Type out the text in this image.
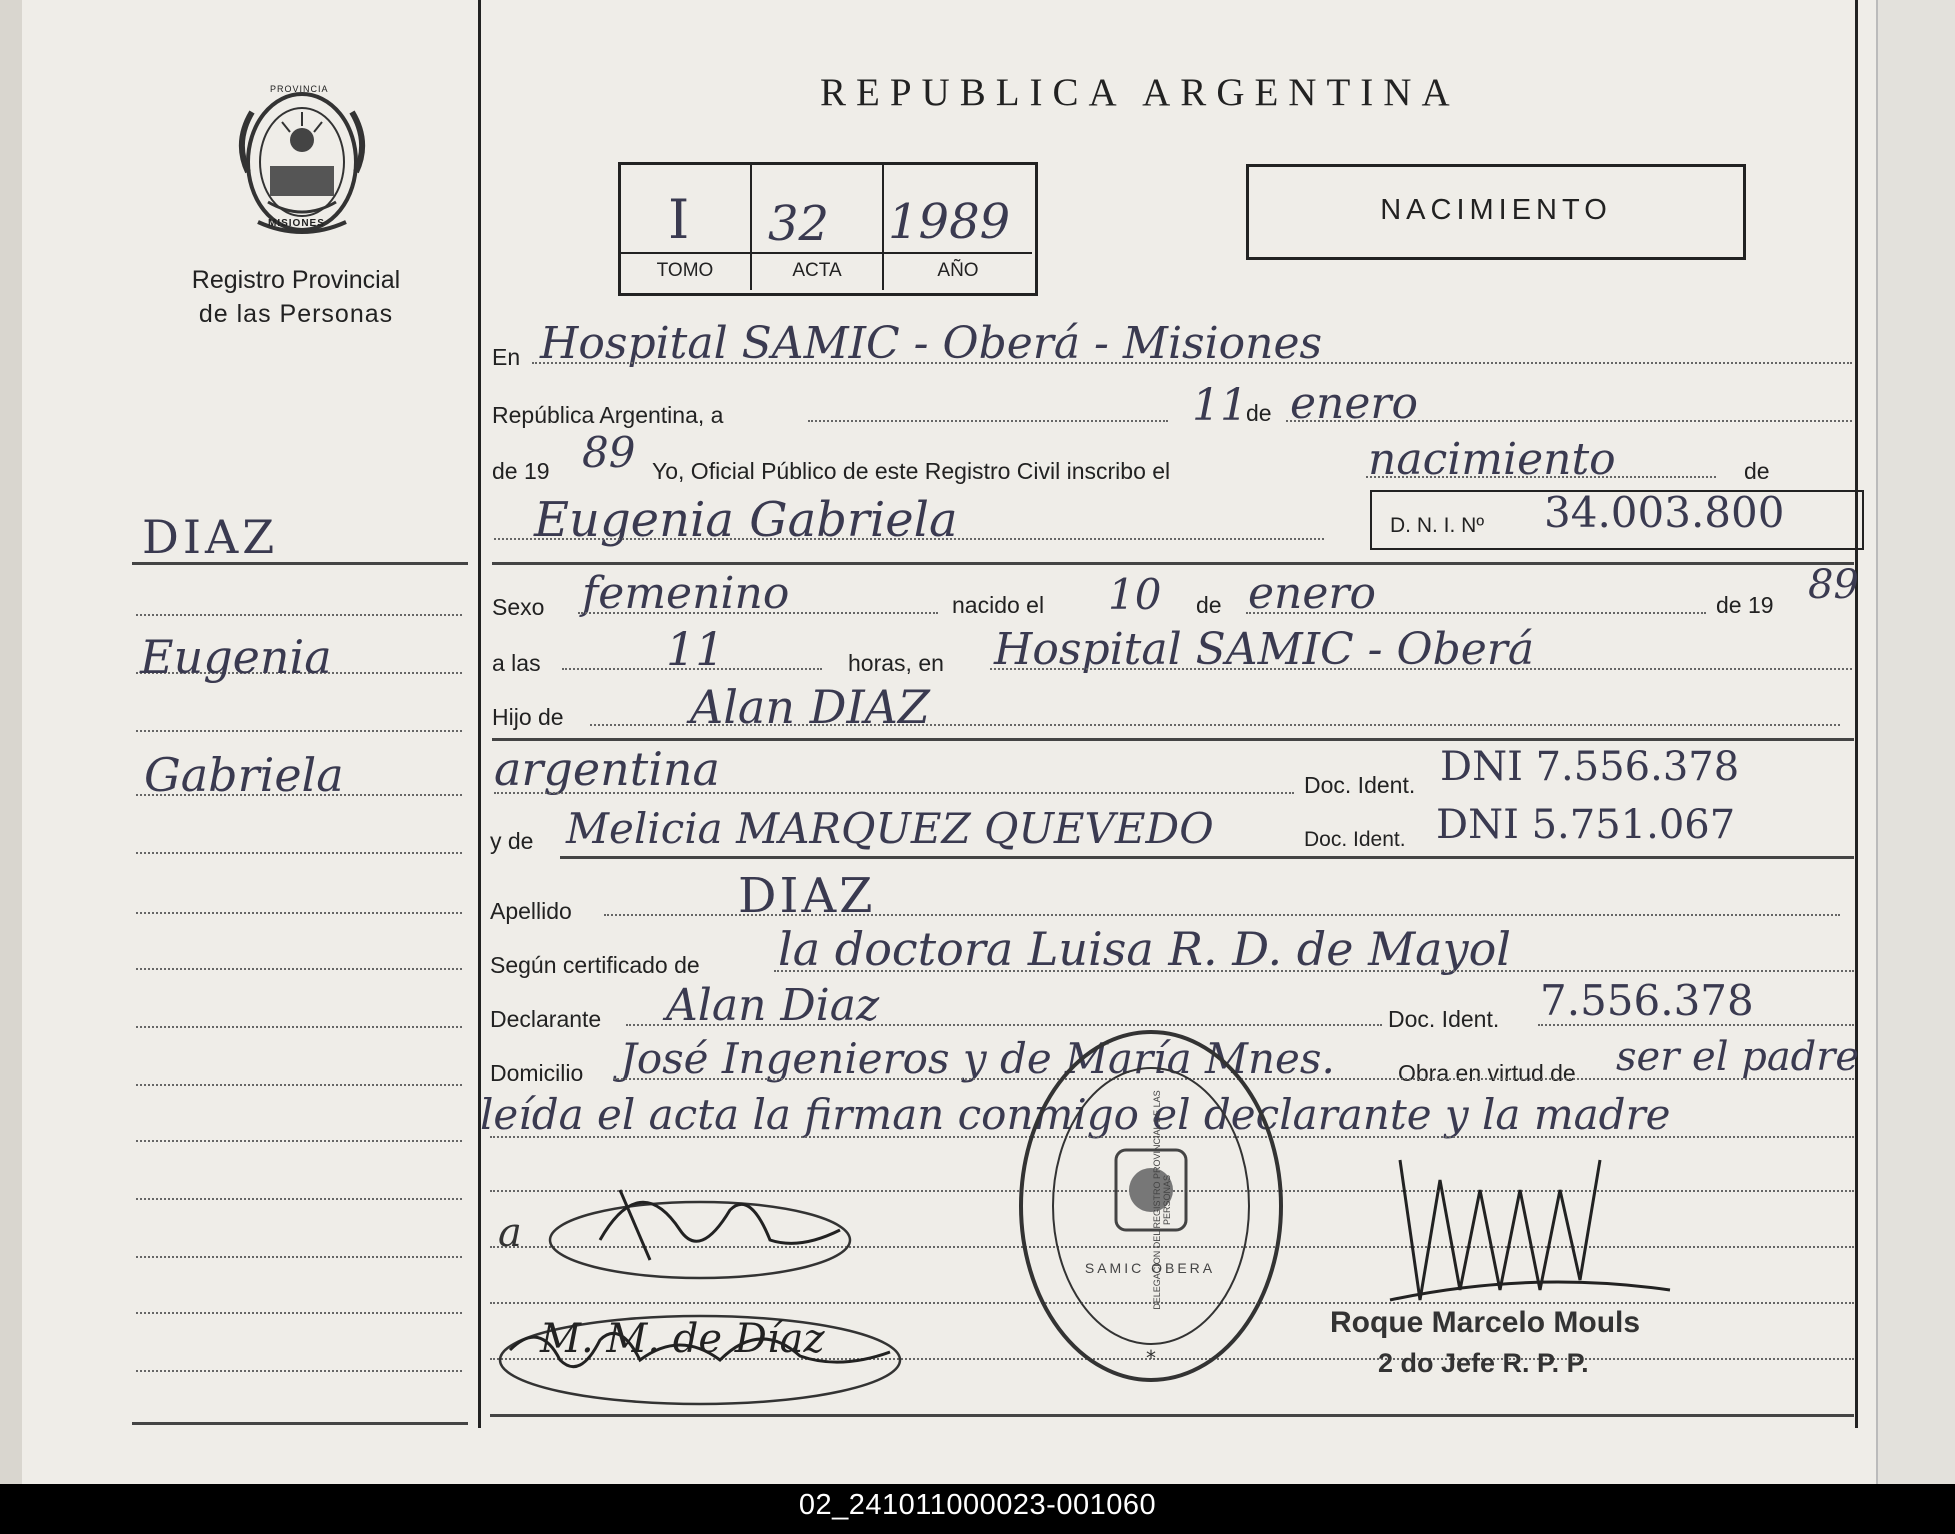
PROVINCIA
MISIONES
Registro Provincial
de las Personas
REPUBLICA ARGENTINA
I 32 1989
TOMO	ACTA	AÑO
NACIMIENTO
DIAZ
Eugenia
Gabriela
En Hospital SAMIC - Oberá - Misiones
República Argentina, a	11
de enero
de 19 89 Yo, Oficial Público de este Registro Civil inscribo el	nacimiento	de
Eugenia Gabriela	D. N. I. Nº 34.003.800
Sexo femenino	nacido el 10 de enero	de 19 89
a las	11	horas, en Hospital SAMIC - Oberá
Hijo de	Alan DIAZ
argentina	Doc. Ident. DNI 7.556.378
y de Melicia MARQUEZ QUEVEDO	Doc. Ident. DNI 5.751.067
Apellido	DIAZ
Según certificado de la doctora Luisa R. D. de Mayol
Declarante Alan Diaz	Doc. Ident. 7.556.378
Domicilio José Ingenieros y de María Mnes.	Obra en virtud de ser el padre
leída el acta la firman conmigo el declarante y la madre
a
M. M. de Díaz	*
DELEGACION DEL REGISTRO PROVINCIAL DE LAS PERSONAS
SAMIC OBERA
Roque Marcelo Mouls
2 do Jefe R. P. P.
02_241011000023-001060
